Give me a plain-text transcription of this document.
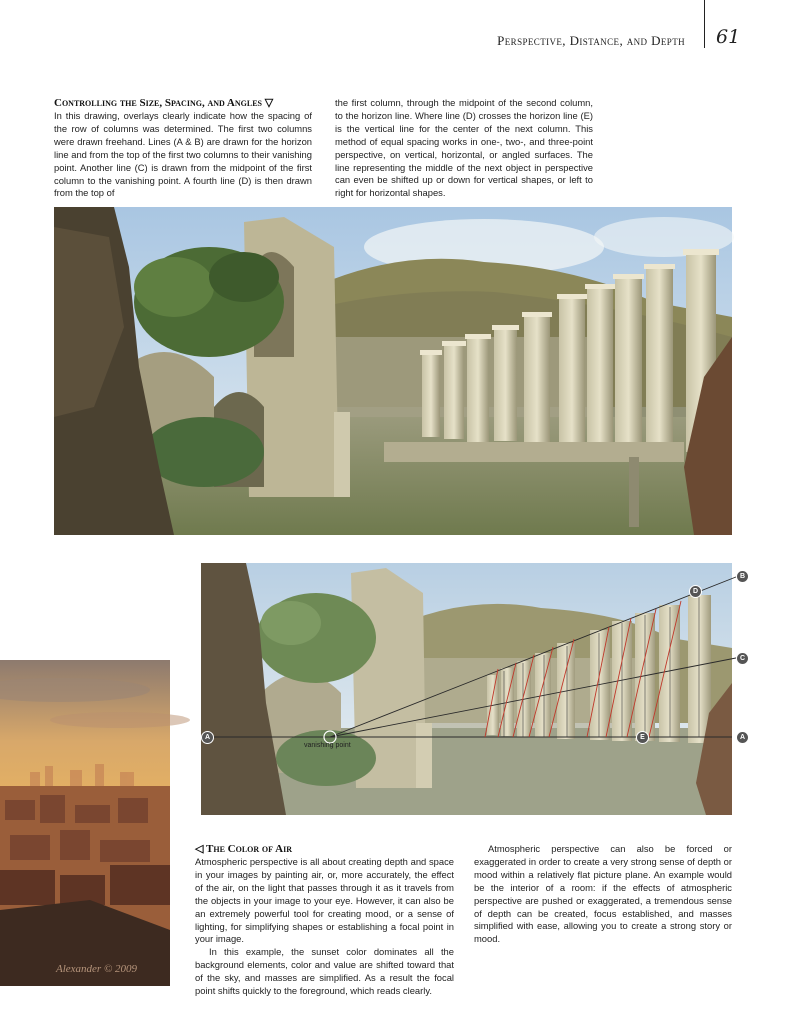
Perspective, Distance, and Depth 61
Controlling the Size, Spacing, and Angles ▽

In this drawing, overlays clearly indicate how the spacing of the row of columns was determined. The first two columns were drawn freehand. Lines (A & B) are drawn for the horizon line and from the top of the first two columns to their vanishing point. Another line (C) is drawn from the midpoint of the first column to the vanishing point. A fourth line (D) is then drawn from the top of

the first column, through the midpoint of the second column, to the horizon line. Where line (D) crosses the horizon line (E) is the vertical line for the center of the next column. This method of equal spacing works in one-, two-, and three-point perspective, on vertical, horizontal, or angled surfaces. The line representing the middle of the next object in perspective can even be shifted up or down for vertical shapes, or left to right for horizontal shapes.

A	A
B
C
D
E
vanishing point
Alexander © 2009
◁ The Color of Air

Atmospheric perspective is all about creating depth and space in your images by painting air, or, more accurately, the effect of the air, on the light that passes through it as it travels from the objects in your image to your eye. However, it can also be an extremely powerful tool for creating mood, or a sense of lighting, for simplifying shapes or establishing a focal point in your image.

In this example, the sunset color dominates all the background elements, color and value are shifted toward that of the sky, and masses are simplified. As a result the focal point shifts quickly to the foreground, which reads clearly.

Atmospheric perspective can also be forced or exaggerated in order to create a very strong sense of depth or mood within a relatively flat picture plane. An example would be the interior of a room: if the effects of atmospheric perspective are pushed or exaggerated, a tremendous sense of depth can be created, focus established, and masses simplified with ease, allowing you to create a strong story or mood.
